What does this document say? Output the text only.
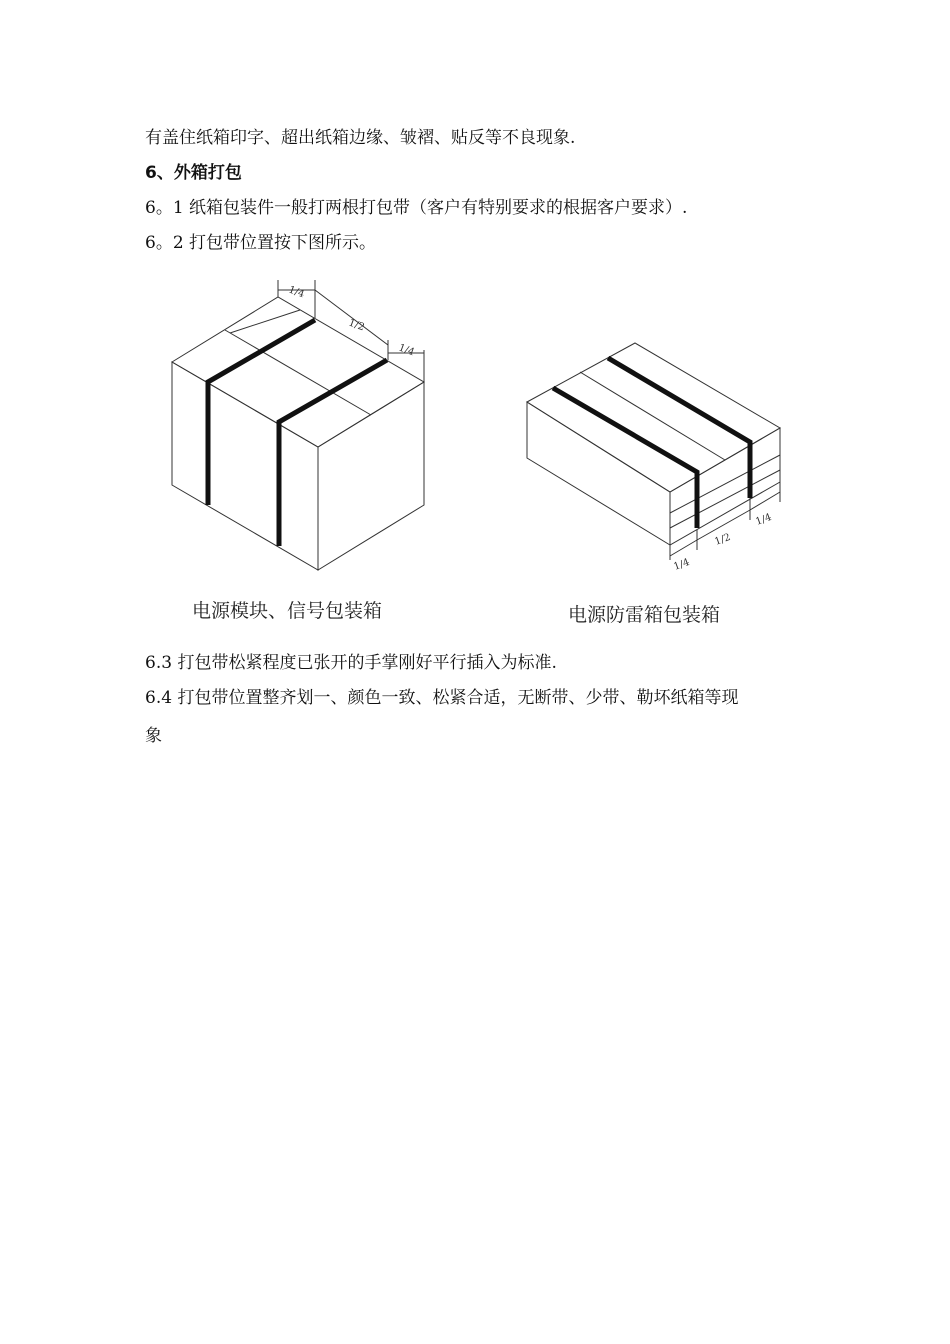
有盖住纸箱印字、超出纸箱边缘、皱褶、贴反等不良现象.
6、外箱打包
6。1 纸箱包装件一般打两根打包带（客户有特别要求的根据客户要求）.
6。2 打包带位置按下图所示。
1/4
1/2
1/4
1/4
1/2
1/4
电源模块、信号包装箱	电源防雷箱包装箱
6.3 打包带松紧程度已张开的手掌刚好平行插入为标准.
6.4 打包带位置整齐划一、颜色一致、松紧合适，无断带、少带、勒坏纸箱等现
象
